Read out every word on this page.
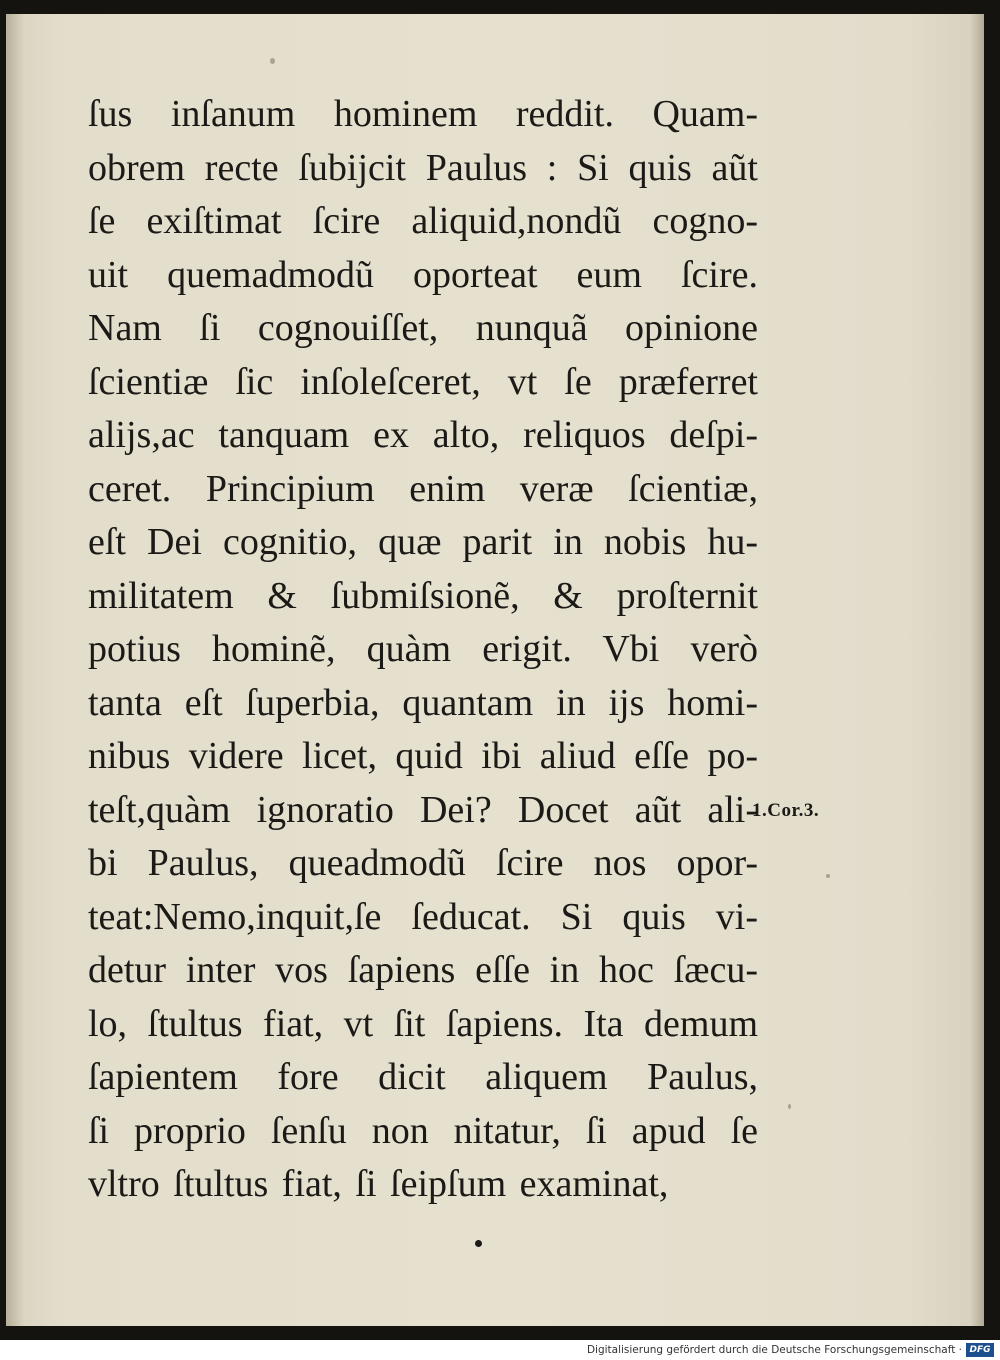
ſus inſanum hominem reddit. Quam-
obrem recte ſubijcit Paulus : Si quis aũt
ſe exiſtimat ſcire aliquid,nondũ cogno-
uit quemadmodũ oporteat eum ſcire.
Nam ſi cognouiſſet, nunquã opinione
ſcientiæ ſic inſoleſceret, vt ſe præferret
alijs,ac tanquam ex alto, reliquos deſpi-
ceret. Principium enim veræ ſcientiæ,
eſt Dei cognitio, quæ parit in nobis hu-
militatem & ſubmiſsionẽ, & proſternit
potius hominẽ, quàm erigit. Vbi verò
tanta eſt ſuperbia, quantam in ijs homi-
nibus videre licet, quid ibi aliud eſſe po-
teſt,quàm ignoratio Dei? Docet aũt ali-
bi Paulus, queadmodũ ſcire nos opor-
teat:Nemo,inquit,ſe ſeducat. Si quis vi-
detur inter vos ſapiens eſſe in hoc ſæcu-
lo, ſtultus fiat, vt ſit ſapiens. Ita demum
ſapientem fore dicit aliquem Paulus,
ſi proprio ſenſu non nitatur, ſi apud ſe
vltro ſtultus fiat, ſi ſeipſum examinat,

1.Cor.3.
Digitalisierung gefördert durch die Deutsche Forschungsgemeinschaft · DFG
